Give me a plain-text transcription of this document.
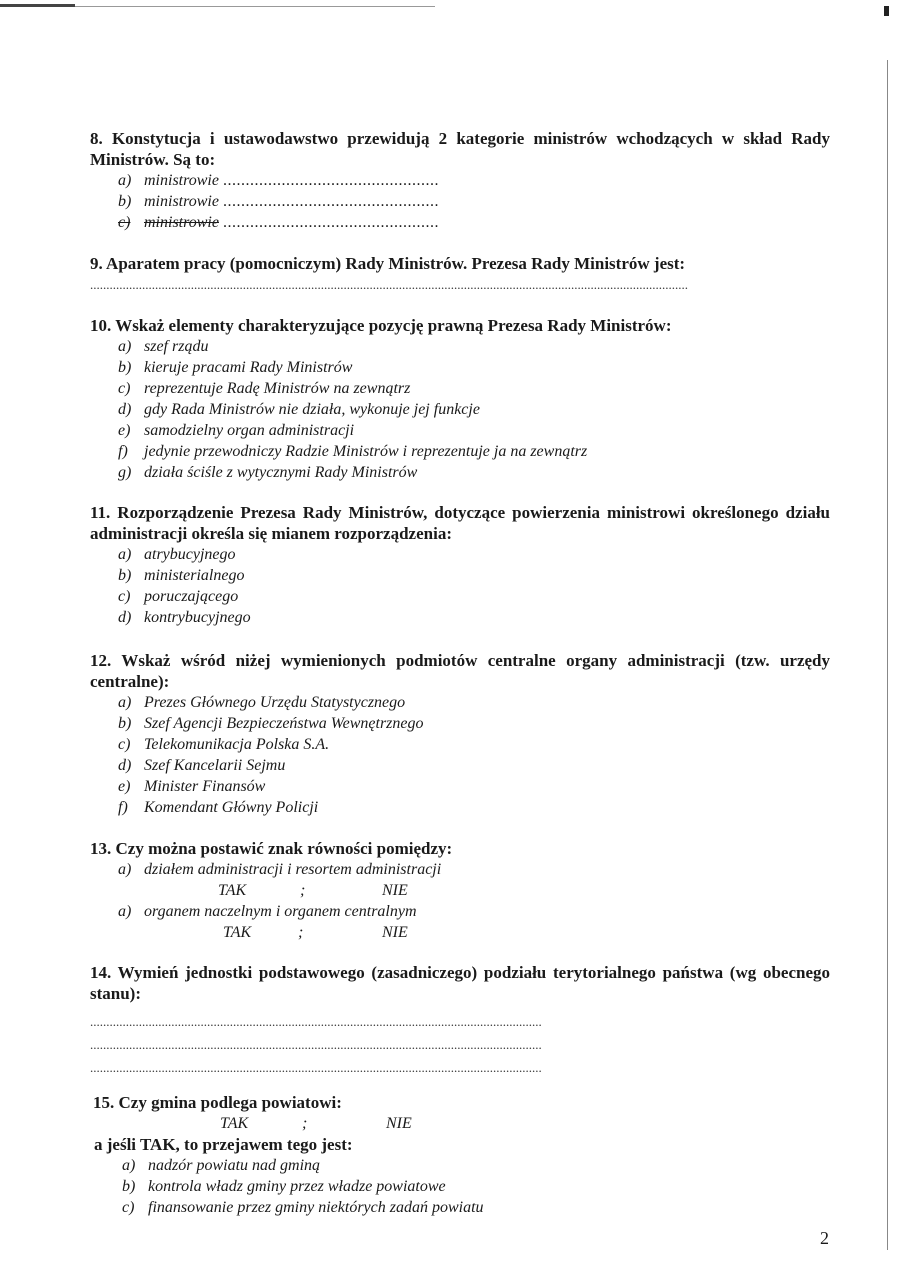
8. Konstytucja i ustawodawstwo przewidują 2 kategorie ministrów wchodzących w skład Rady Ministrów. Są to:
a) ministrowie ................................................
b) ministrowie ................................................
c) ministrowie ................................................
9. Aparatem pracy (pomocniczym) Rady Ministrów. Prezesa Rady Ministrów jest:
........................................................................................................................................................................................
10. Wskaż elementy charakteryzujące pozycję prawną Prezesa Rady Ministrów:
a) szef rządu
b) kieruje pracami Rady Ministrów
c) reprezentuje Radę Ministrów na zewnątrz
d) gdy Rada Ministrów nie działa, wykonuje jej funkcje
e) samodzielny organ administracji
f) jedynie przewodniczy Radzie Ministrów i reprezentuje ja na zewnątrz
g) działa ściśle z wytycznymi Rady Ministrów
11. Rozporządzenie Prezesa Rady Ministrów, dotyczące powierzenia ministrowi określonego działu administracji określa się mianem rozporządzenia:
a) atrybucyjnego
b) ministerialnego
c) poruczającego
d) kontrybucyjnego
12. Wskaż wśród niżej wymienionych podmiotów centralne organy administracji (tzw. urzędy centralne):
a) Prezes Głównego Urzędu Statystycznego
b) Szef Agencji Bezpieczeństwa Wewnętrznego
c) Telekomunikacja Polska S.A.
d) Szef Kancelarii Sejmu
e) Minister Finansów
f) Komendant Główny Policji
13. Czy można postawić znak równości pomiędzy:
a) działem administracji i resortem administracji
TAK	;	NIE
a) organem naczelnym i organem centralnym
TAK	;	NIE
14. Wymień jednostki podstawowego (zasadniczego) podziału terytorialnego państwa (wg obecnego stanu):
...........................................................................................................................................
...........................................................................................................................................
...........................................................................................................................................
15. Czy gmina podlega powiatowi:
TAK	;	NIE
a jeśli TAK, to przejawem tego jest:
a) nadzór powiatu nad gminą
b) kontrola władz gminy przez władze powiatowe
c) finansowanie przez gminy niektórych zadań powiatu
2
